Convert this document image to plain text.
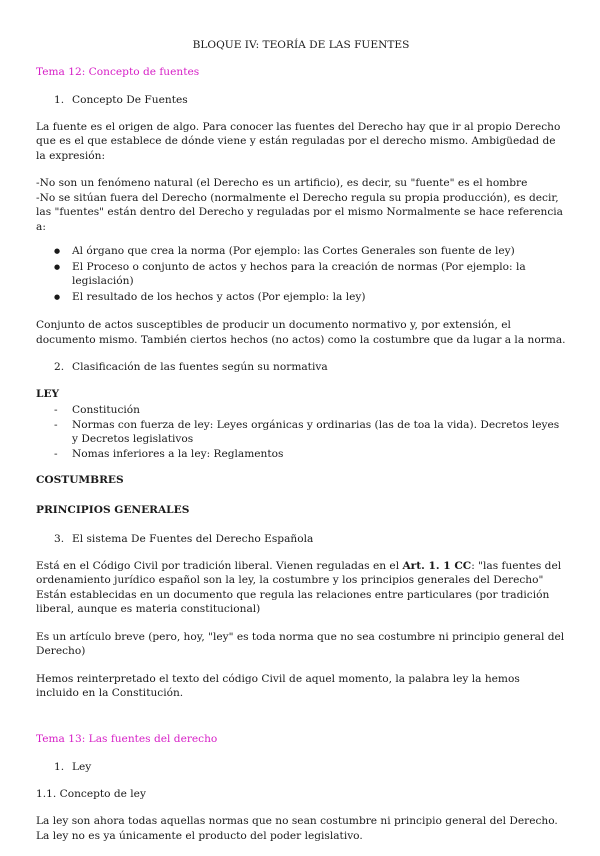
BLOQUE IV: TEORÍA DE LAS FUENTES
Tema 12: Concepto de fuentes
1. Concepto De Fuentes

La fuente es el origen de algo. Para conocer las fuentes del Derecho hay que ir al propio Derecho que es el que establece de dónde viene y están reguladas por el derecho mismo. Ambigüedad de la expresión:

-No son un fenómeno natural (el Derecho es un artificio), es decir, su "fuente" es el hombre
-No se sitúan fuera del Derecho (normalmente el Derecho regula su propia producción), es decir, las "fuentes" están dentro del Derecho y reguladas por el mismo Normalmente se hace referencia a:
● Al órgano que crea la norma (Por ejemplo: las Cortes Generales son fuente de ley)
● El Proceso o conjunto de actos y hechos para la creación de normas (Por ejemplo: la legislación)
● El resultado de los hechos y actos (Por ejemplo: la ley)

Conjunto de actos susceptibles de producir un documento normativo y, por extensión, el documento mismo. También ciertos hechos (no actos) como la costumbre que da lugar a la norma.

2. Clasificación de las fuentes según su normativa
LEY
- Constitución
- Normas con fuerza de ley: Leyes orgánicas y ordinarias (las de toa la vida). Decretos leyes y Decretos legislativos
- Nomas inferiores a la ley: Reglamentos
COSTUMBRES
PRINCIPIOS GENERALES
3. El sistema De Fuentes del Derecho Española

Está en el Código Civil por tradición liberal. Vienen reguladas en el Art. 1. 1 CC: "las fuentes del ordenamiento jurídico español son la ley, la costumbre y los principios generales del Derecho" Están establecidas en un documento que regula las relaciones entre particulares (por tradición liberal, aunque es materia constitucional)

Es un artículo breve (pero, hoy, "ley" es toda norma que no sea costumbre ni principio general del Derecho)

Hemos reinterpretado el texto del código Civil de aquel momento, la palabra ley la hemos incluido en la Constitución.

Tema 13: Las fuentes del derecho
1. Ley
1.1. Concepto de ley

La ley son ahora todas aquellas normas que no sean costumbre ni principio general del Derecho. La ley no es ya únicamente el producto del poder legislativo.
